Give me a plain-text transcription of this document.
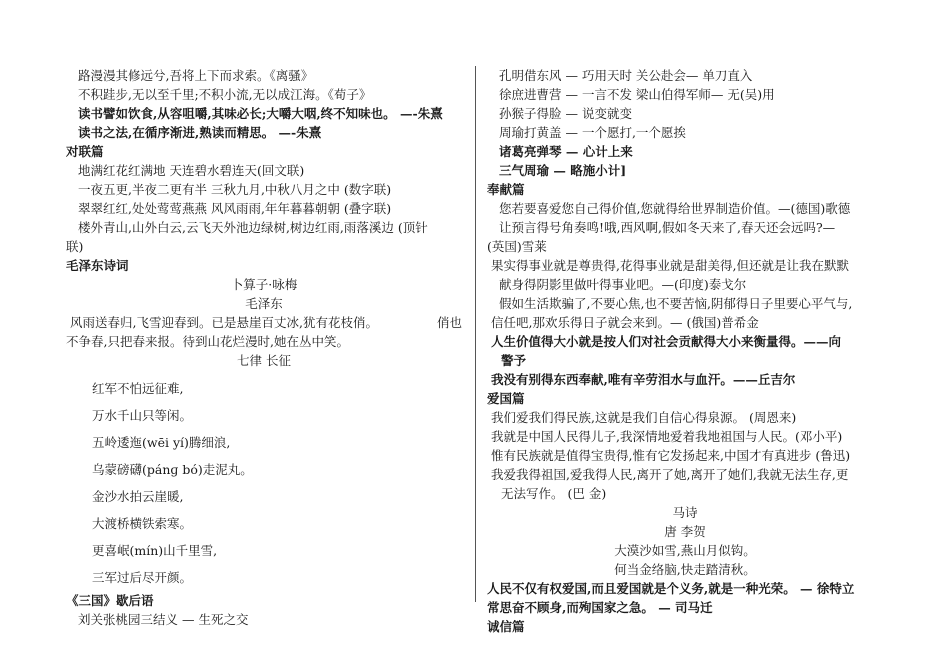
路漫漫其修远兮,吾将上下而求索。《离骚》
不积跬步,无以至千里;不积小流,无以成江海。《荀子》
读书譬如饮食,从容咀嚼,其味必长;大嚼大咽,终不知味也。 —-朱熹
读书之法,在循序渐进,熟读而精思。 —-朱熹
对联篇
地满红花红满地 天连碧水碧连天(回文联)
一夜五更,半夜二更有半 三秋九月,中秋八月之中 (数字联)
翠翠红红,处处莺莺燕燕 风风雨雨,年年暮暮朝朝 (叠字联)
楼外青山,山外白云,云飞天外池边绿树,树边红雨,雨落溪边 (顶针
联)
毛泽东诗词
卜算子·咏梅
毛泽东
风雨送春归,飞雪迎春到。已是悬崖百丈冰,犹有花枝俏。	俏也
不争春,只把春来报。待到山花烂漫时,她在丛中笑。
七律 长征
红军不怕远征难,
万水千山只等闲。
五岭逶迤(wēi yí)腾细浪,
乌蒙磅礴(pánɡ bó)走泥丸。
金沙水拍云崖暖,
大渡桥横铁索寒。
更喜岷(mín)山千里雪,
三军过后尽开颜。
《三国》歇后语
刘关张桃园三结义 — 生死之交
孔明借东风 — 巧用天时 关公赴会— 单刀直入
徐庶进曹营 — 一言不发 梁山伯得军师— 无(吴)用
孙猴子得脸 — 说变就变
周瑜打黄盖 — 一个愿打,一个愿挨
诸葛亮弹琴 — 心计上来
三气周瑜 — 略施小计]
奉献篇
您若要喜爱您自己得价值,您就得给世界制造价值。—(德国)歌德
让预言得号角奏鸣!哦,西风啊,假如冬天来了,春天还会远吗?—
(英国)雪莱
果实得事业就是尊贵得,花得事业就是甜美得,但还就是让我在默默
献身得阴影里做叶得事业吧。—(印度)泰戈尔
假如生活欺骗了,不要心焦,也不要苦恼,阴郁得日子里要心平气与,
信任吧,那欢乐得日子就会来到。— (俄国)普希金
人生价值得大小就是按人们对社会贡献得大小来衡量得。——向
警予
我没有别得东西奉献,唯有辛劳泪水与血汗。——丘吉尔
爱国篇
我们爱我们得民族,这就是我们自信心得泉源。 (周恩来)
我就是中国人民得儿子,我深情地爱着我地祖国与人民。(邓小平)
惟有民族就是值得宝贵得,惟有它发扬起来,中国才有真进步 (鲁迅)
我爱我得祖国,爱我得人民,离开了她,离开了她们,我就无法生存,更
无法写作。 (巴 金)
马诗
唐 李贺
大漠沙如雪,燕山月似钩。
何当金络脑,快走踏清秋。
人民不仅有权爱国,而且爱国就是个义务,就是一种光荣。 — 徐特立
常思奋不顾身,而殉国家之急。 — 司马迁
诚信篇
